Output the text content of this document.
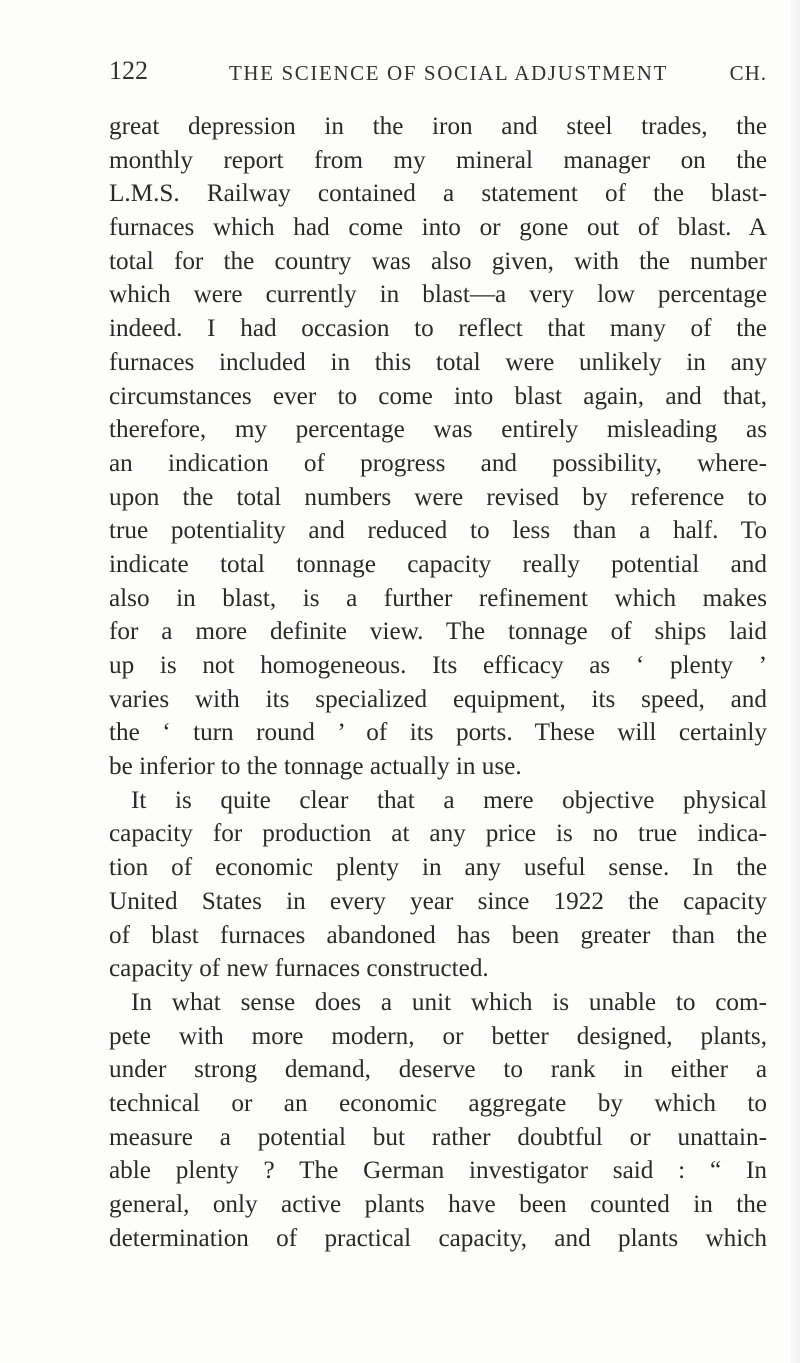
122	THE SCIENCE OF SOCIAL ADJUSTMENT	CH.
great depression in the iron and steel trades, the
monthly report from my mineral manager on the
L.M.S. Railway contained a statement of the blast-
furnaces which had come into or gone out of blast. A
total for the country was also given, with the number
which were currently in blast—a very low percentage
indeed. I had occasion to reflect that many of the
furnaces included in this total were unlikely in any
circumstances ever to come into blast again, and that,
therefore, my percentage was entirely misleading as
an indication of progress and possibility, where-
upon the total numbers were revised by reference to
true potentiality and reduced to less than a half. To
indicate total tonnage capacity really potential and
also in blast, is a further refinement which makes
for a more definite view. The tonnage of ships laid
up is not homogeneous. Its efficacy as ‘ plenty ’
varies with its specialized equipment, its speed, and
the ‘ turn round ’ of its ports. These will certainly
be inferior to the tonnage actually in use.
It is quite clear that a mere objective physical
capacity for production at any price is no true indica-
tion of economic plenty in any useful sense. In the
United States in every year since 1922 the capacity
of blast furnaces abandoned has been greater than the
capacity of new furnaces constructed.
In what sense does a unit which is unable to com-
pete with more modern, or better designed, plants,
under strong demand, deserve to rank in either a
technical or an economic aggregate by which to
measure a potential but rather doubtful or unattain-
able plenty ? The German investigator said : “ In
general, only active plants have been counted in the
determination of practical capacity, and plants which
